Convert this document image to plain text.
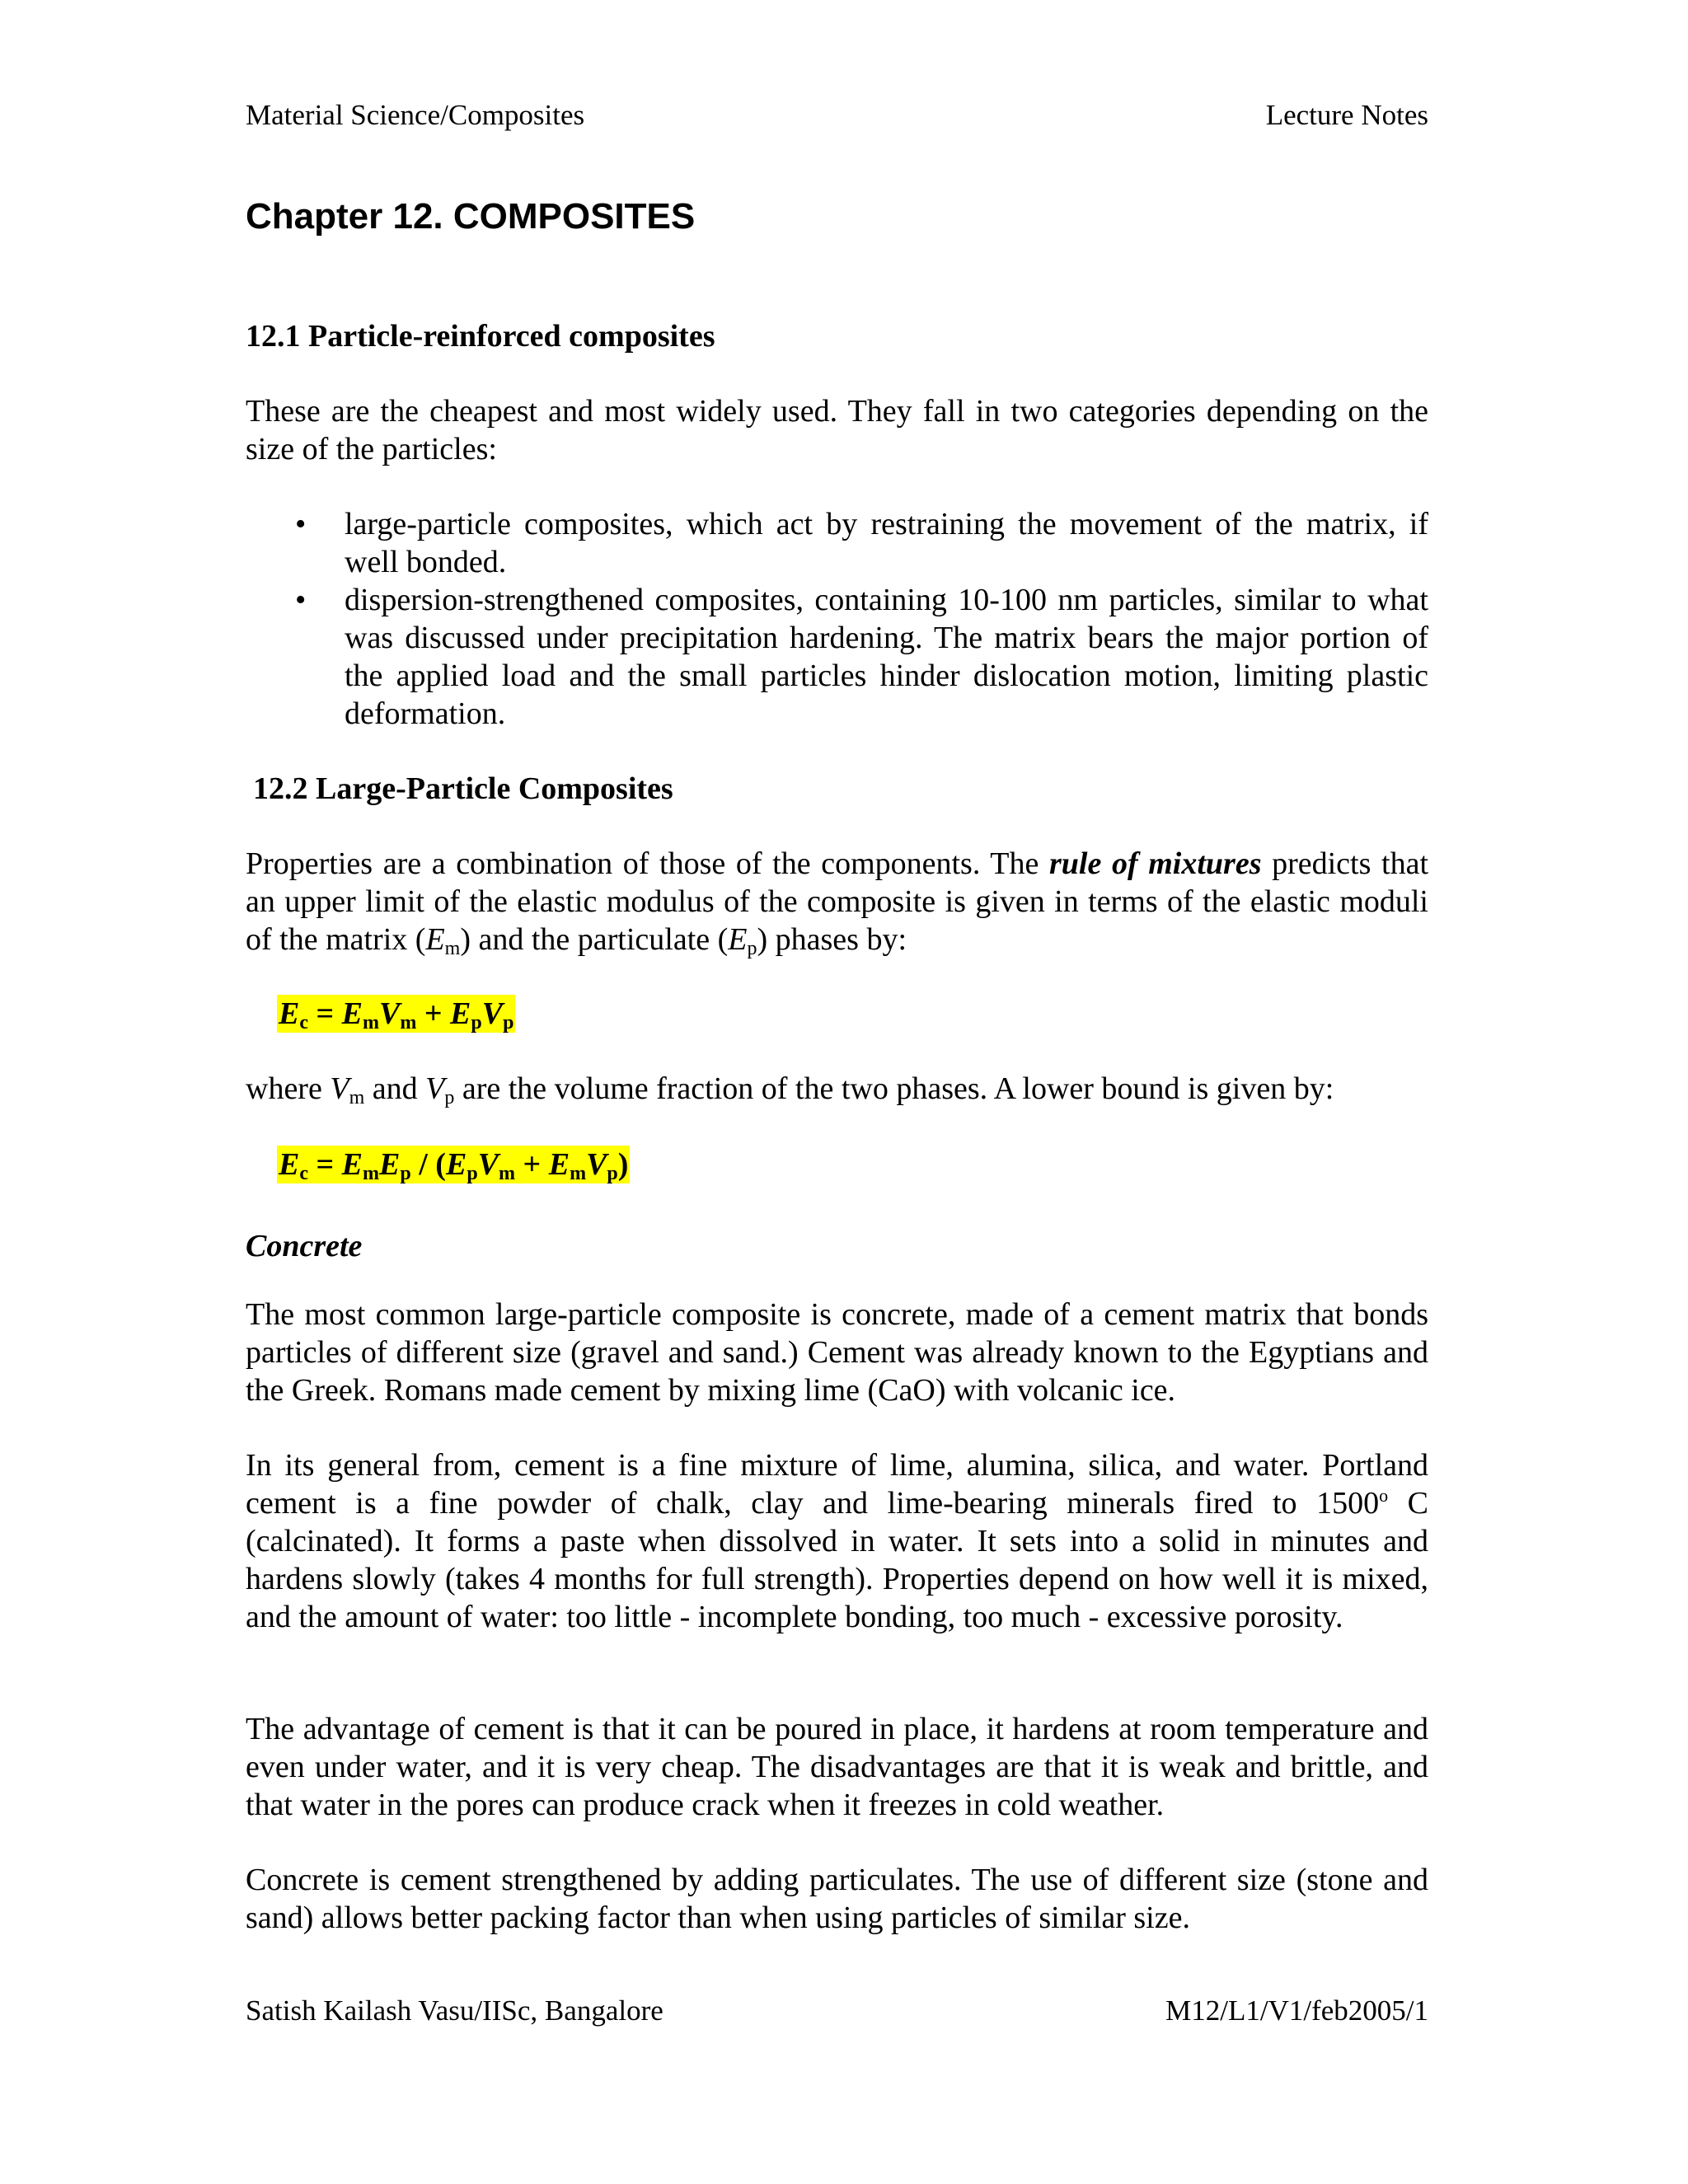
Material Science/Composites	Lecture Notes
Chapter 12. COMPOSITES
12.1 Particle-reinforced composites
These are the cheapest and most widely used. They fall in two categories depending on the size of the particles:
• large-particle composites, which act by restraining the movement of the matrix, if well bonded.
• dispersion-strengthened composites, containing 10-100 nm particles, similar to what was discussed under precipitation hardening. The matrix bears the major portion of the applied load and the small particles hinder dislocation motion, limiting plastic deformation.
12.2 Large-Particle Composites
Properties are a combination of those of the components. The rule of mixtures predicts that an upper limit of the elastic modulus of the composite is given in terms of the elastic moduli of the matrix $(E_m)$ and the particulate $(E_p)$ phases by:
$E_c = E_mV_m + E_pV_p$
where $V_m$ and $V_p$ are the volume fraction of the two phases. A lower bound is given by:
$E_c = E_mE_p / (E_pV_m + E_mV_p)$
Concrete
The most common large-particle composite is concrete, made of a cement matrix that bonds particles of different size (gravel and sand.) Cement was already known to the Egyptians and the Greek. Romans made cement by mixing lime (CaO) with volcanic ice.
In its general from, cement is a fine mixture of lime, alumina, silica, and water. Portland cement is a fine powder of chalk, clay and lime-bearing minerals fired to 1500$^o$ C (calcinated). It forms a paste when dissolved in water. It sets into a solid in minutes and hardens slowly (takes 4 months for full strength). Properties depend on how well it is mixed, and the amount of water: too little - incomplete bonding, too much - excessive porosity.
The advantage of cement is that it can be poured in place, it hardens at room temperature and even under water, and it is very cheap. The disadvantages are that it is weak and brittle, and that water in the pores can produce crack when it freezes in cold weather.
Concrete is cement strengthened by adding particulates. The use of different size (stone and sand) allows better packing factor than when using particles of similar size.
Satish Kailash Vasu/IISc, Bangalore	M12/L1/V1/feb2005/1
